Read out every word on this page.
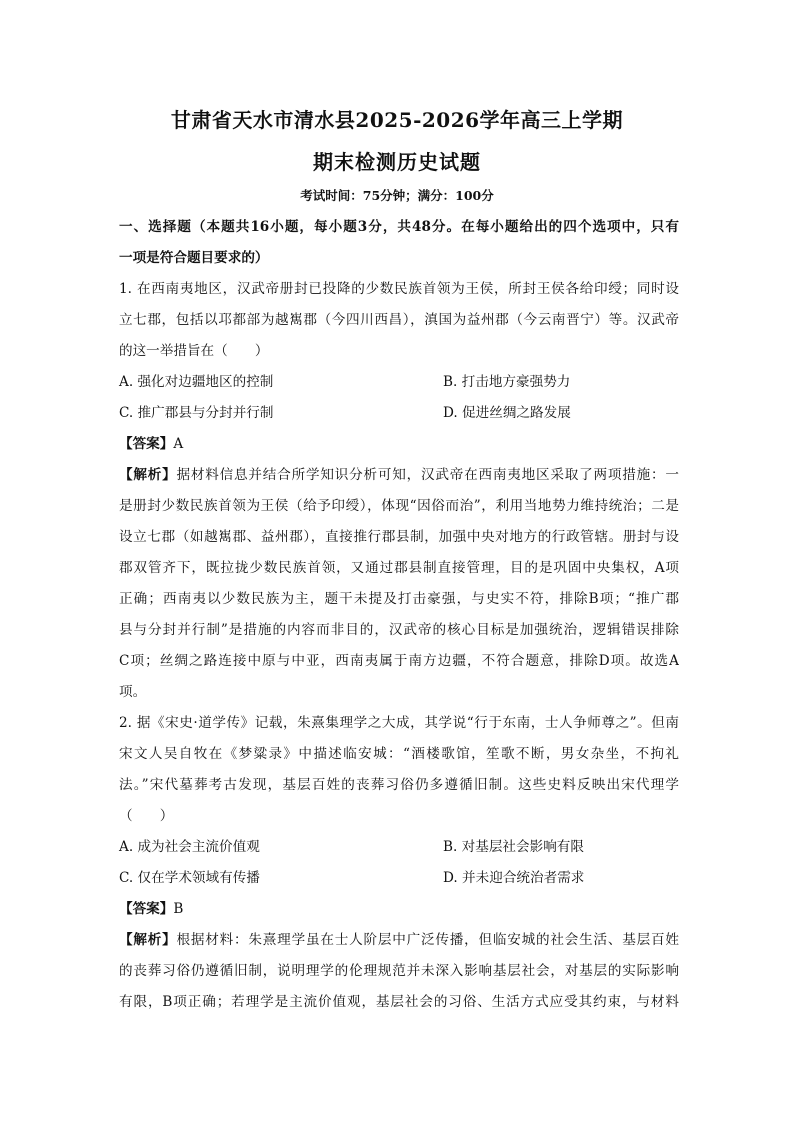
甘肃省天水市清水县2025-2026学年高三上学期
期末检测历史试题
考试时间：75分钟；满分：100分
一、选择题（本题共16小题，每小题3分，共48分。在每小题给出的四个选项中，只有
一项是符合题目要求的）
1. 在西南夷地区，汉武帝册封已投降的少数民族首领为王侯，所封王侯各给印绶；同时设
立七郡，包括以邛都部为越嶲郡（今四川西昌），滇国为益州郡（今云南晋宁）等。汉武帝
的这一举措旨在（　　）
A. 强化对边疆地区的控制	B. 打击地方豪强势力
C. 推广郡县与分封并行制	D. 促进丝绸之路发展
【答案】A
【解析】据材料信息并结合所学知识分析可知，汉武帝在西南夷地区采取了两项措施：一
是册封少数民族首领为王侯（给予印绶），体现“因俗而治”，利用当地势力维持统治；二是
设立七郡（如越嶲郡、益州郡），直接推行郡县制，加强中央对地方的行政管辖。册封与设
郡双管齐下，既拉拢少数民族首领，又通过郡县制直接管理，目的是巩固中央集权，A项
正确；西南夷以少数民族为主，题干未提及打击豪强，与史实不符，排除B项；“推广郡
县与分封并行制”是措施的内容而非目的，汉武帝的核心目标是加强统治，逻辑错误排除
C项；丝绸之路连接中原与中亚，西南夷属于南方边疆，不符合题意，排除D项。故选A
项。
2. 据《宋史·道学传》记载，朱熹集理学之大成，其学说“行于东南，士人争师尊之”。但南
宋文人吴自牧在《梦粱录》中描述临安城：“酒楼歌馆，笙歌不断，男女杂坐，不拘礼
法。”宋代墓葬考古发现，基层百姓的丧葬习俗仍多遵循旧制。这些史料反映出宋代理学
（　　）
A. 成为社会主流价值观	B. 对基层社会影响有限
C. 仅在学术领域有传播	D. 并未迎合统治者需求
【答案】B
【解析】根据材料：朱熹理学虽在士人阶层中广泛传播，但临安城的社会生活、基层百姓
的丧葬习俗仍遵循旧制，说明理学的伦理规范并未深入影响基层社会，对基层的实际影响
有限，B项正确；若理学是主流价值观，基层社会的习俗、生活方式应受其约束，与材料
